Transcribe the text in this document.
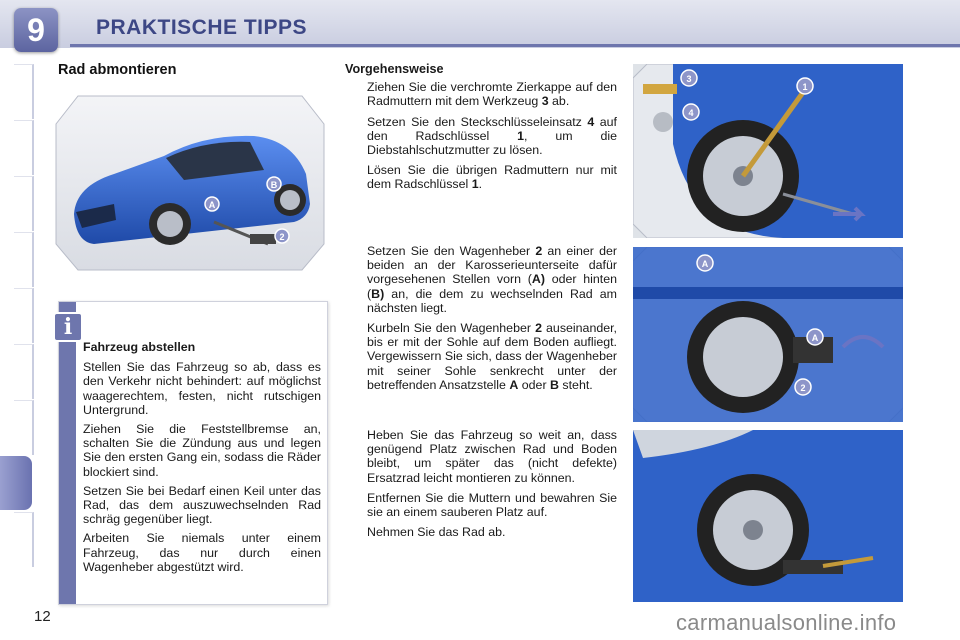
9	PRAKTISCHE TIPPS
12
Rad abmontieren
A
B
2
i
Fahrzeug abstellen

Stellen Sie das Fahrzeug so ab, dass es den Verkehr nicht behindert: auf möglichst waagerechtem, festen, nicht rutschigen Untergrund.

Ziehen Sie die Feststellbremse an, schalten Sie die Zündung aus und legen Sie den ersten Gang ein, sodass die Räder blockiert sind.

Setzen Sie bei Bedarf einen Keil unter das Rad, das dem auszuwechselnden Rad schräg gegenüber liegt.

Arbeiten Sie niemals unter einem Fahrzeug, das nur durch einen Wagenheber abgestützt wird.

Vorgehensweise
Ziehen Sie die verchromte Zierkappe auf den Radmuttern mit dem Werkzeug 3 ab.
Setzen Sie den Steckschlüsseleinsatz 4 auf den Radschlüssel 1, um die Diebstahlschutzmutter zu lösen.
Lösen Sie die übrigen Radmuttern nur mit dem Radschlüssel 1.
Setzen Sie den Wagenheber 2 an einer der beiden an der Karosserieunterseite dafür vorgesehenen Stellen vorn (A) oder hinten (B) an, die dem zu wechselnden Rad am nächsten liegt.
Kurbeln Sie den Wagenheber 2 auseinander, bis er mit der Sohle auf dem Boden aufliegt. Vergewissern Sie sich, dass der Wagenheber mit seiner Sohle senkrecht unter der betreffenden Ansatzstelle A oder B steht.
Heben Sie das Fahrzeug so weit an, dass genügend Platz zwischen Rad und Boden bleibt, um später das (nicht defekte) Ersatzrad leicht montieren zu können.
Entfernen Sie die Muttern und bewahren Sie sie an einem sauberen Platz auf.
Nehmen Sie das Rad ab.
3
1
4
A
A
2
carmanualsonline.info
